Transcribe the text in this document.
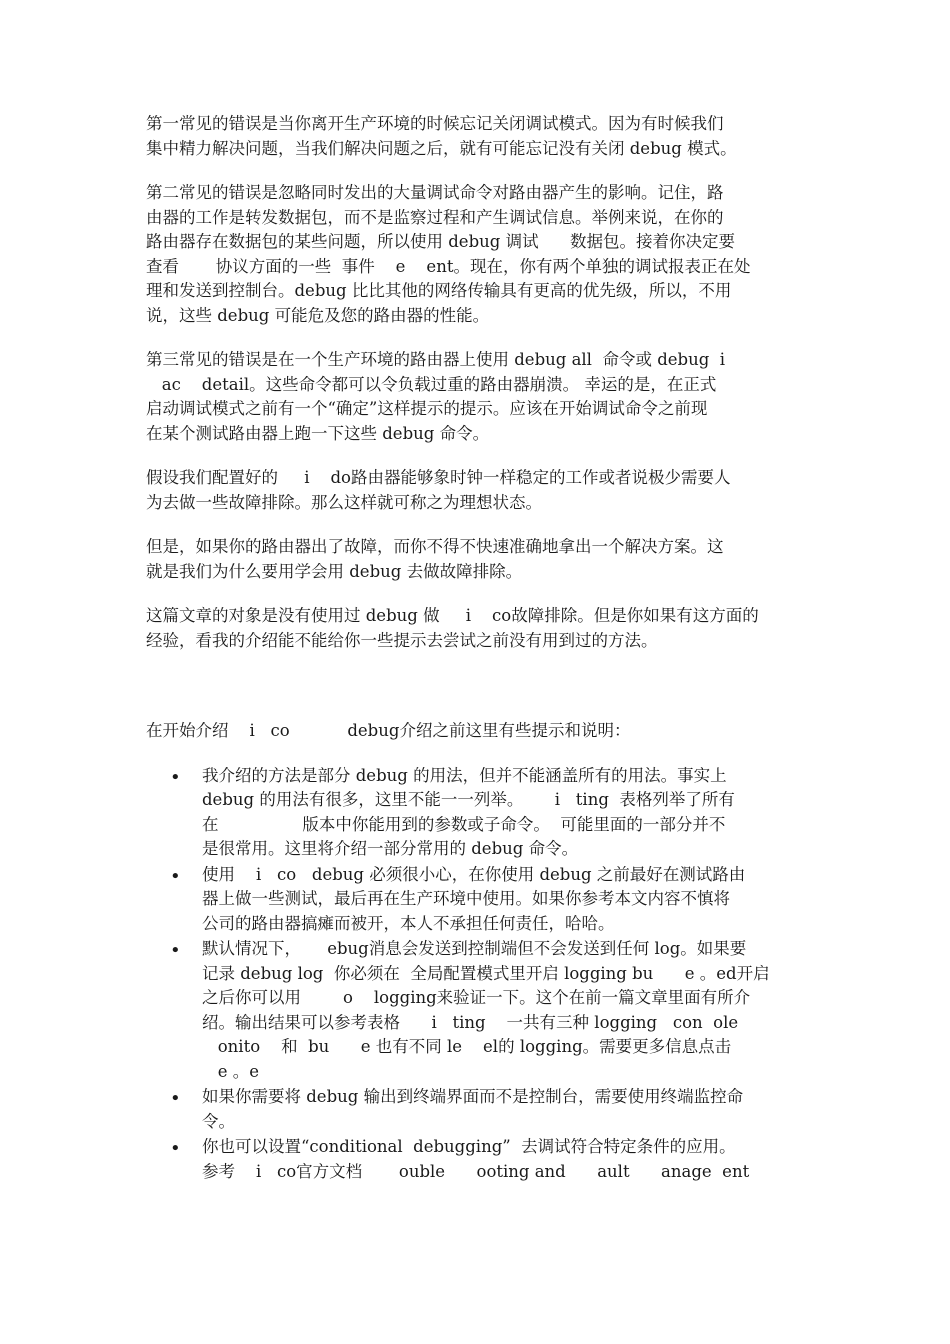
第一常见的错误是当你离开生产环境的时候忘记关闭调试模式。因为有时候我们
集中精力解决问题，当我们解决问题之后，就有可能忘记没有关闭 debug 模式。
第二常见的错误是忽略同时发出的大量调试命令对路由器产生的影响。记住，路
由器的工作是转发数据包，而不是监察过程和产生调试信息。举例来说，在你的
路由器存在数据包的某些问题，所以使用 debug 调试      数据包。接着你决定要
查看       协议方面的一些  事件    e    ent。现在，你有两个单独的调试报表正在处
理和发送到控制台。debug 比比其他的网络传输具有更高的优先级，所以，不用
说，这些 debug 可能危及您的路由器的性能。
第三常见的错误是在一个生产环境的路由器上使用 debug all  命令或 debug  i
ac    detail。这些命令都可以令负载过重的路由器崩溃。 幸运的是，在正式
启动调试模式之前有一个“确定”这样提示的提示。应该在开始调试命令之前现
在某个测试路由器上跑一下这些 debug 命令。
假设我们配置好的     i    do路由器能够象时钟一样稳定的工作或者说极少需要人
为去做一些故障排除。那么这样就可称之为理想状态。
但是，如果你的路由器出了故障，而你不得不快速准确地拿出一个解决方案。这
就是我们为什么要用学会用 debug 去做故障排除。
这篇文章的对象是没有使用过 debug 做     i    co故障排除。但是你如果有这方面的
经验，看我的介绍能不能给你一些提示去尝试之前没有用到过的方法。
在开始介绍    i   co           debug介绍之前这里有些提示和说明：
• 我介绍的方法是部分 debug 的用法，但并不能涵盖所有的用法。事实上
debug 的用法有很多，这里不能一一列举。      i   ting  表格列举了所有
在                版本中你能用到的参数或子命令。  可能里面的一部分并不
是很常用。这里将介绍一部分常用的 debug 命令。
• 使用    i   co   debug 必须很小心，在你使用 debug 之前最好在测试路由
器上做一些测试，最后再在生产环境中使用。如果你参考本文内容不慎将
公司的路由器搞瘫而被开，本人不承担任何责任，哈哈。
• 默认情况下，     ebug消息会发送到控制端但不会发送到任何 log。如果要
记录 debug log  你必须在  全局配置模式里开启 logging bu      e 。ed开启
之后你可以用        o    logging来验证一下。这个在前一篇文章里面有所介
绍。输出结果可以参考表格      i   ting    一共有三种 logging   con  ole
onito    和  bu      e 也有不同 le    el的 logging。需要更多信息点击
e 。e
• 如果你需要将 debug 输出到终端界面而不是控制台，需要使用终端监控命
令。
• 你也可以设置“conditional  debugging”  去调试符合特定条件的应用。
参考    i   co官方文档       ouble      ooting and      ault      anage  ent
